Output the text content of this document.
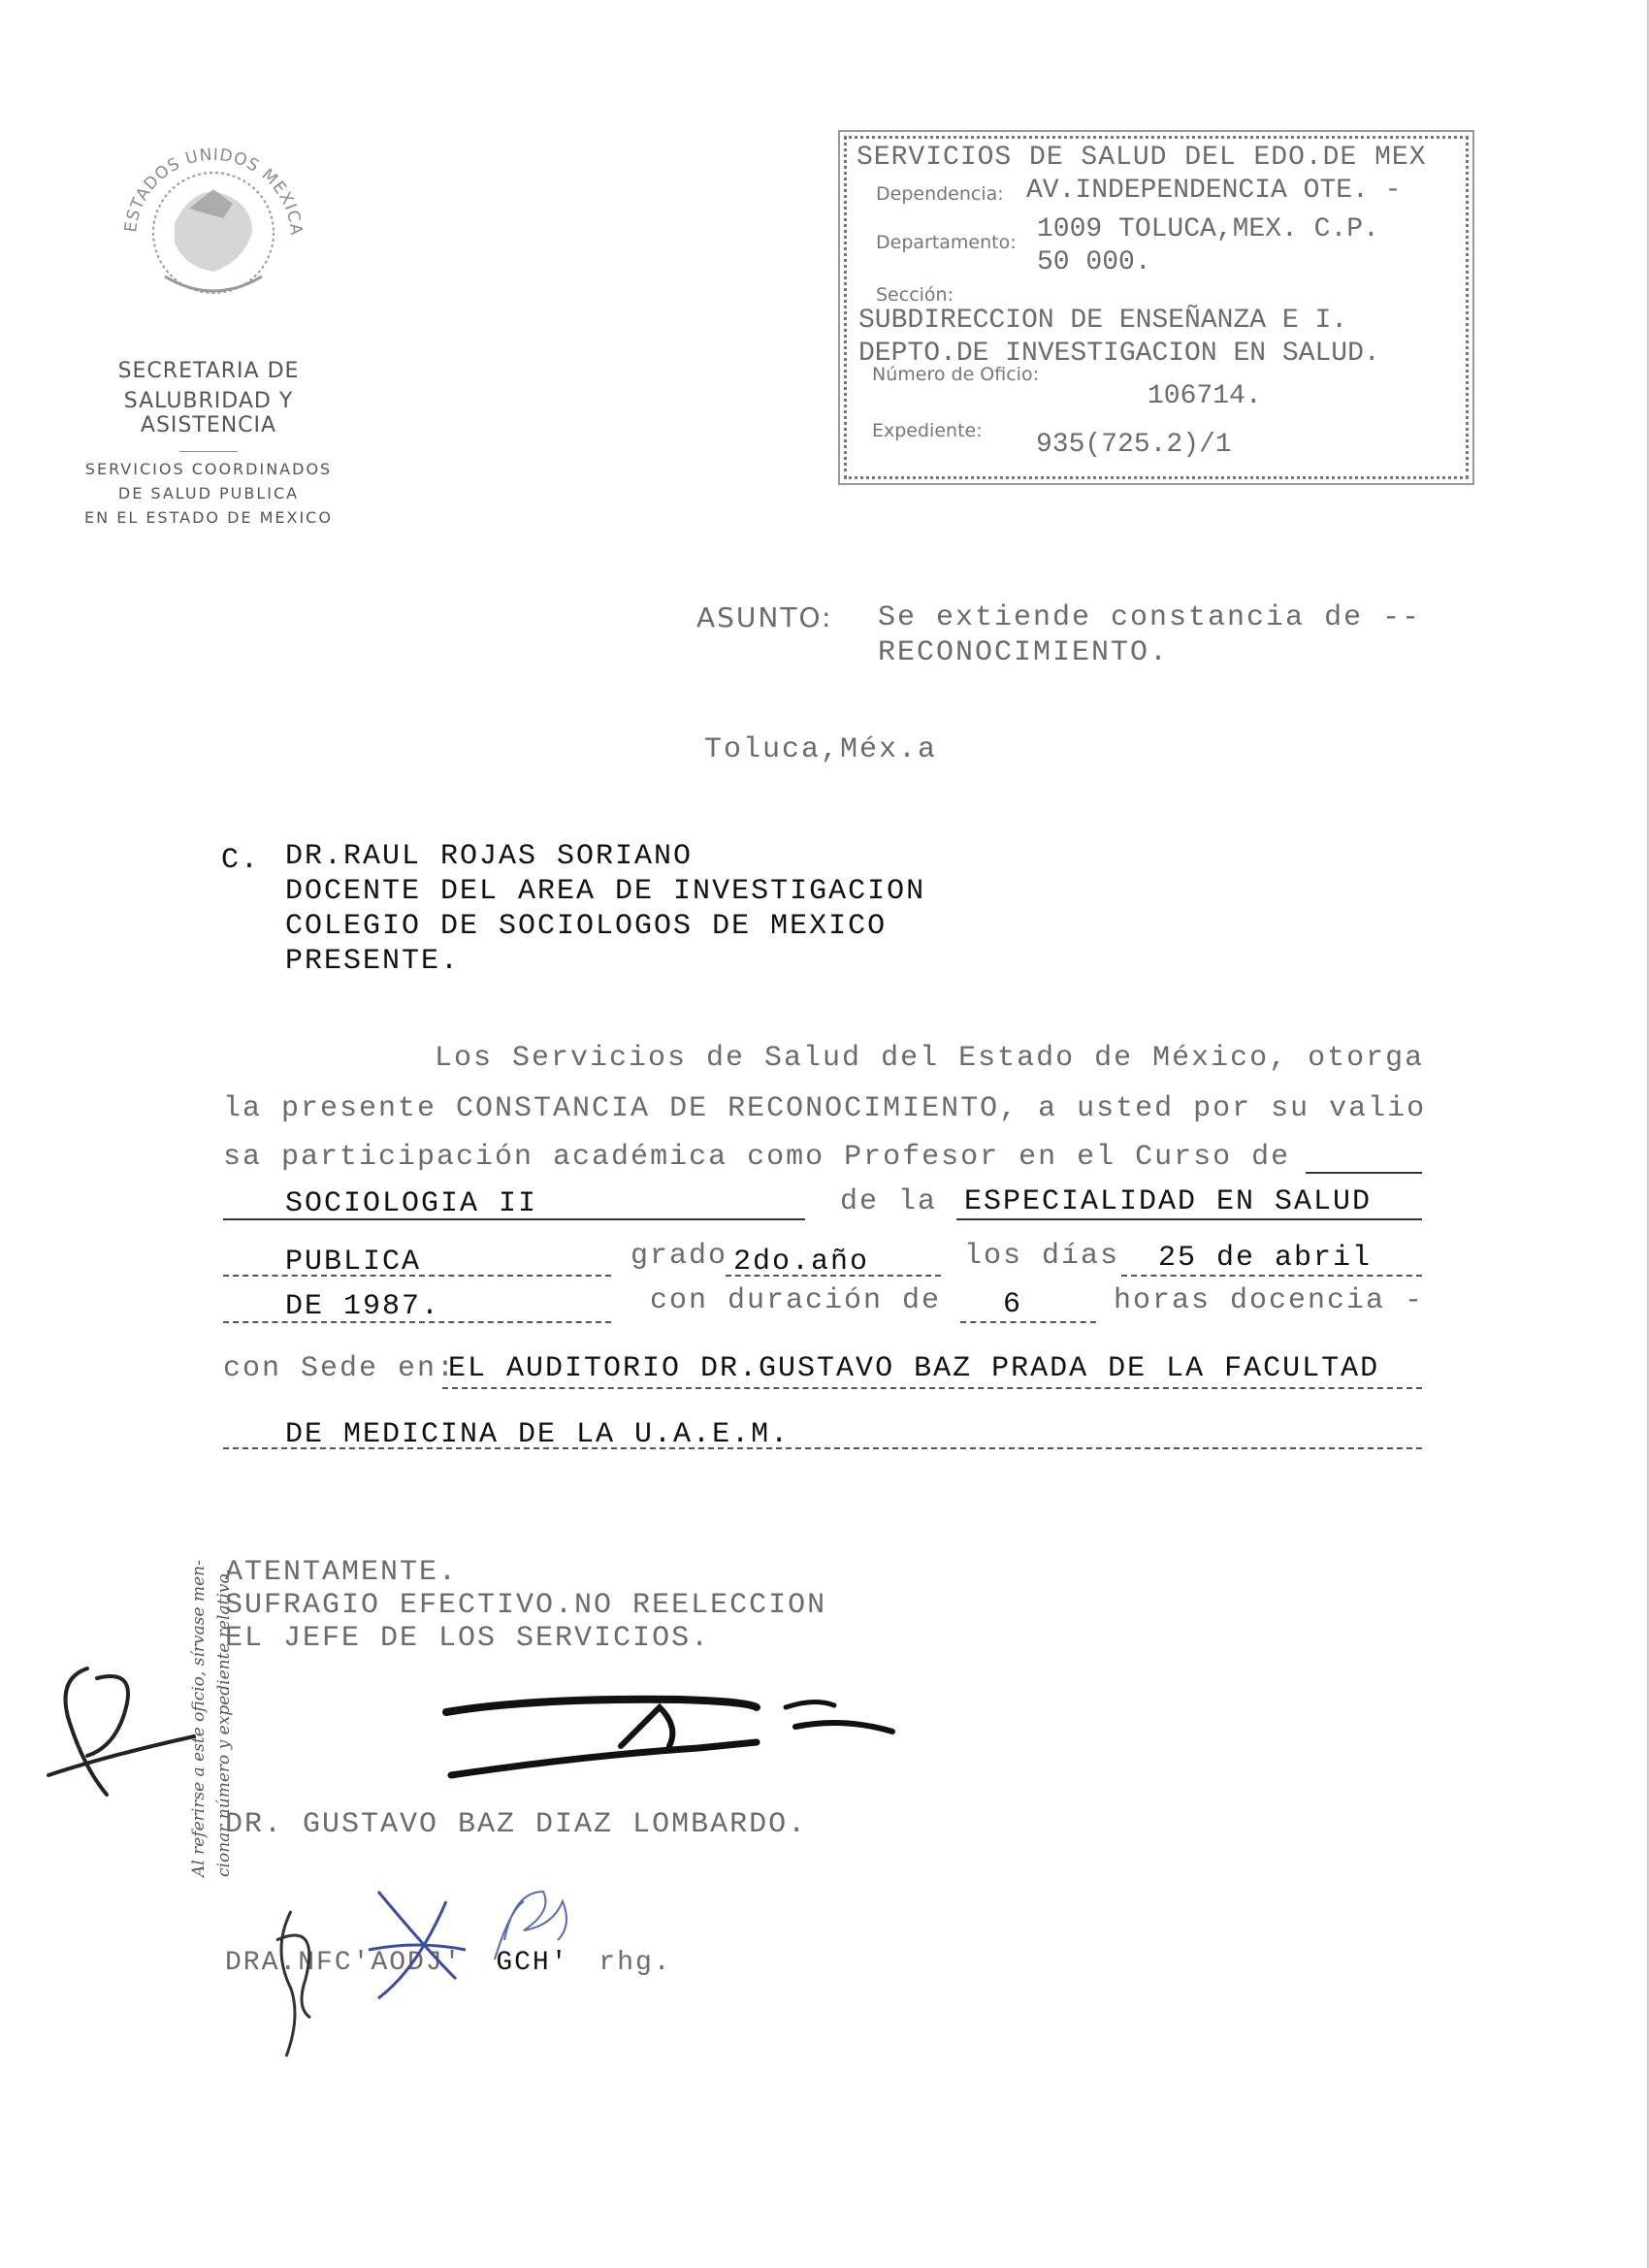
ESTADOS UNIDOS MEXICA
SECRETARIA DE
SALUBRIDAD Y ASISTENCIA
SERVICIOS COORDINADOS
DE SALUD PUBLICA
EN EL ESTADO DE MEXICO
SERVICIOS DE SALUD DEL EDO.DE MEX
Dependencia: AV.INDEPENDENCIA OTE. -
Departamento: 1009 TOLUCA,MEX. C.P.
50 000.
Sección:
SUBDIRECCION DE ENSEÑANZA E I.
DEPTO.DE INVESTIGACION EN SALUD.
Número de Oficio:
106714.
Expediente: 935(725.2)/1
ASUNTO: Se extiende constancia de --
RECONOCIMIENTO.
Toluca,Méx.a
C. DR.RAUL ROJAS SORIANO
DOCENTE DEL AREA DE INVESTIGACION
COLEGIO DE SOCIOLOGOS DE MEXICO
PRESENTE.
Los Servicios de Salud del Estado de México, otorga
la presente CONSTANCIA DE RECONOCIMIENTO, a usted por su valio
sa participación académica como Profesor en el Curso de
SOCIOLOGIA II	de la ESPECIALIDAD EN SALUD
PUBLICA	grado 2do.año	los días 25 de abril
DE 1987.	con duración de 6	horas docencia -
con Sede en:
EL AUDITORIO DR.GUSTAVO BAZ PRADA DE LA FACULTAD
DE MEDICINA DE LA U.A.E.M.
Al referirse a este oficio, sírvase men- cionar número y expediente relativo.
ATENTAMENTE.
SUFRAGIO EFECTIVO.NO REELECCION
EL JEFE DE LOS SERVICIOS.
DR. GUSTAVO BAZ DIAZ LOMBARDO.
DRA.NFC'AODJ' GCH' rhg.
